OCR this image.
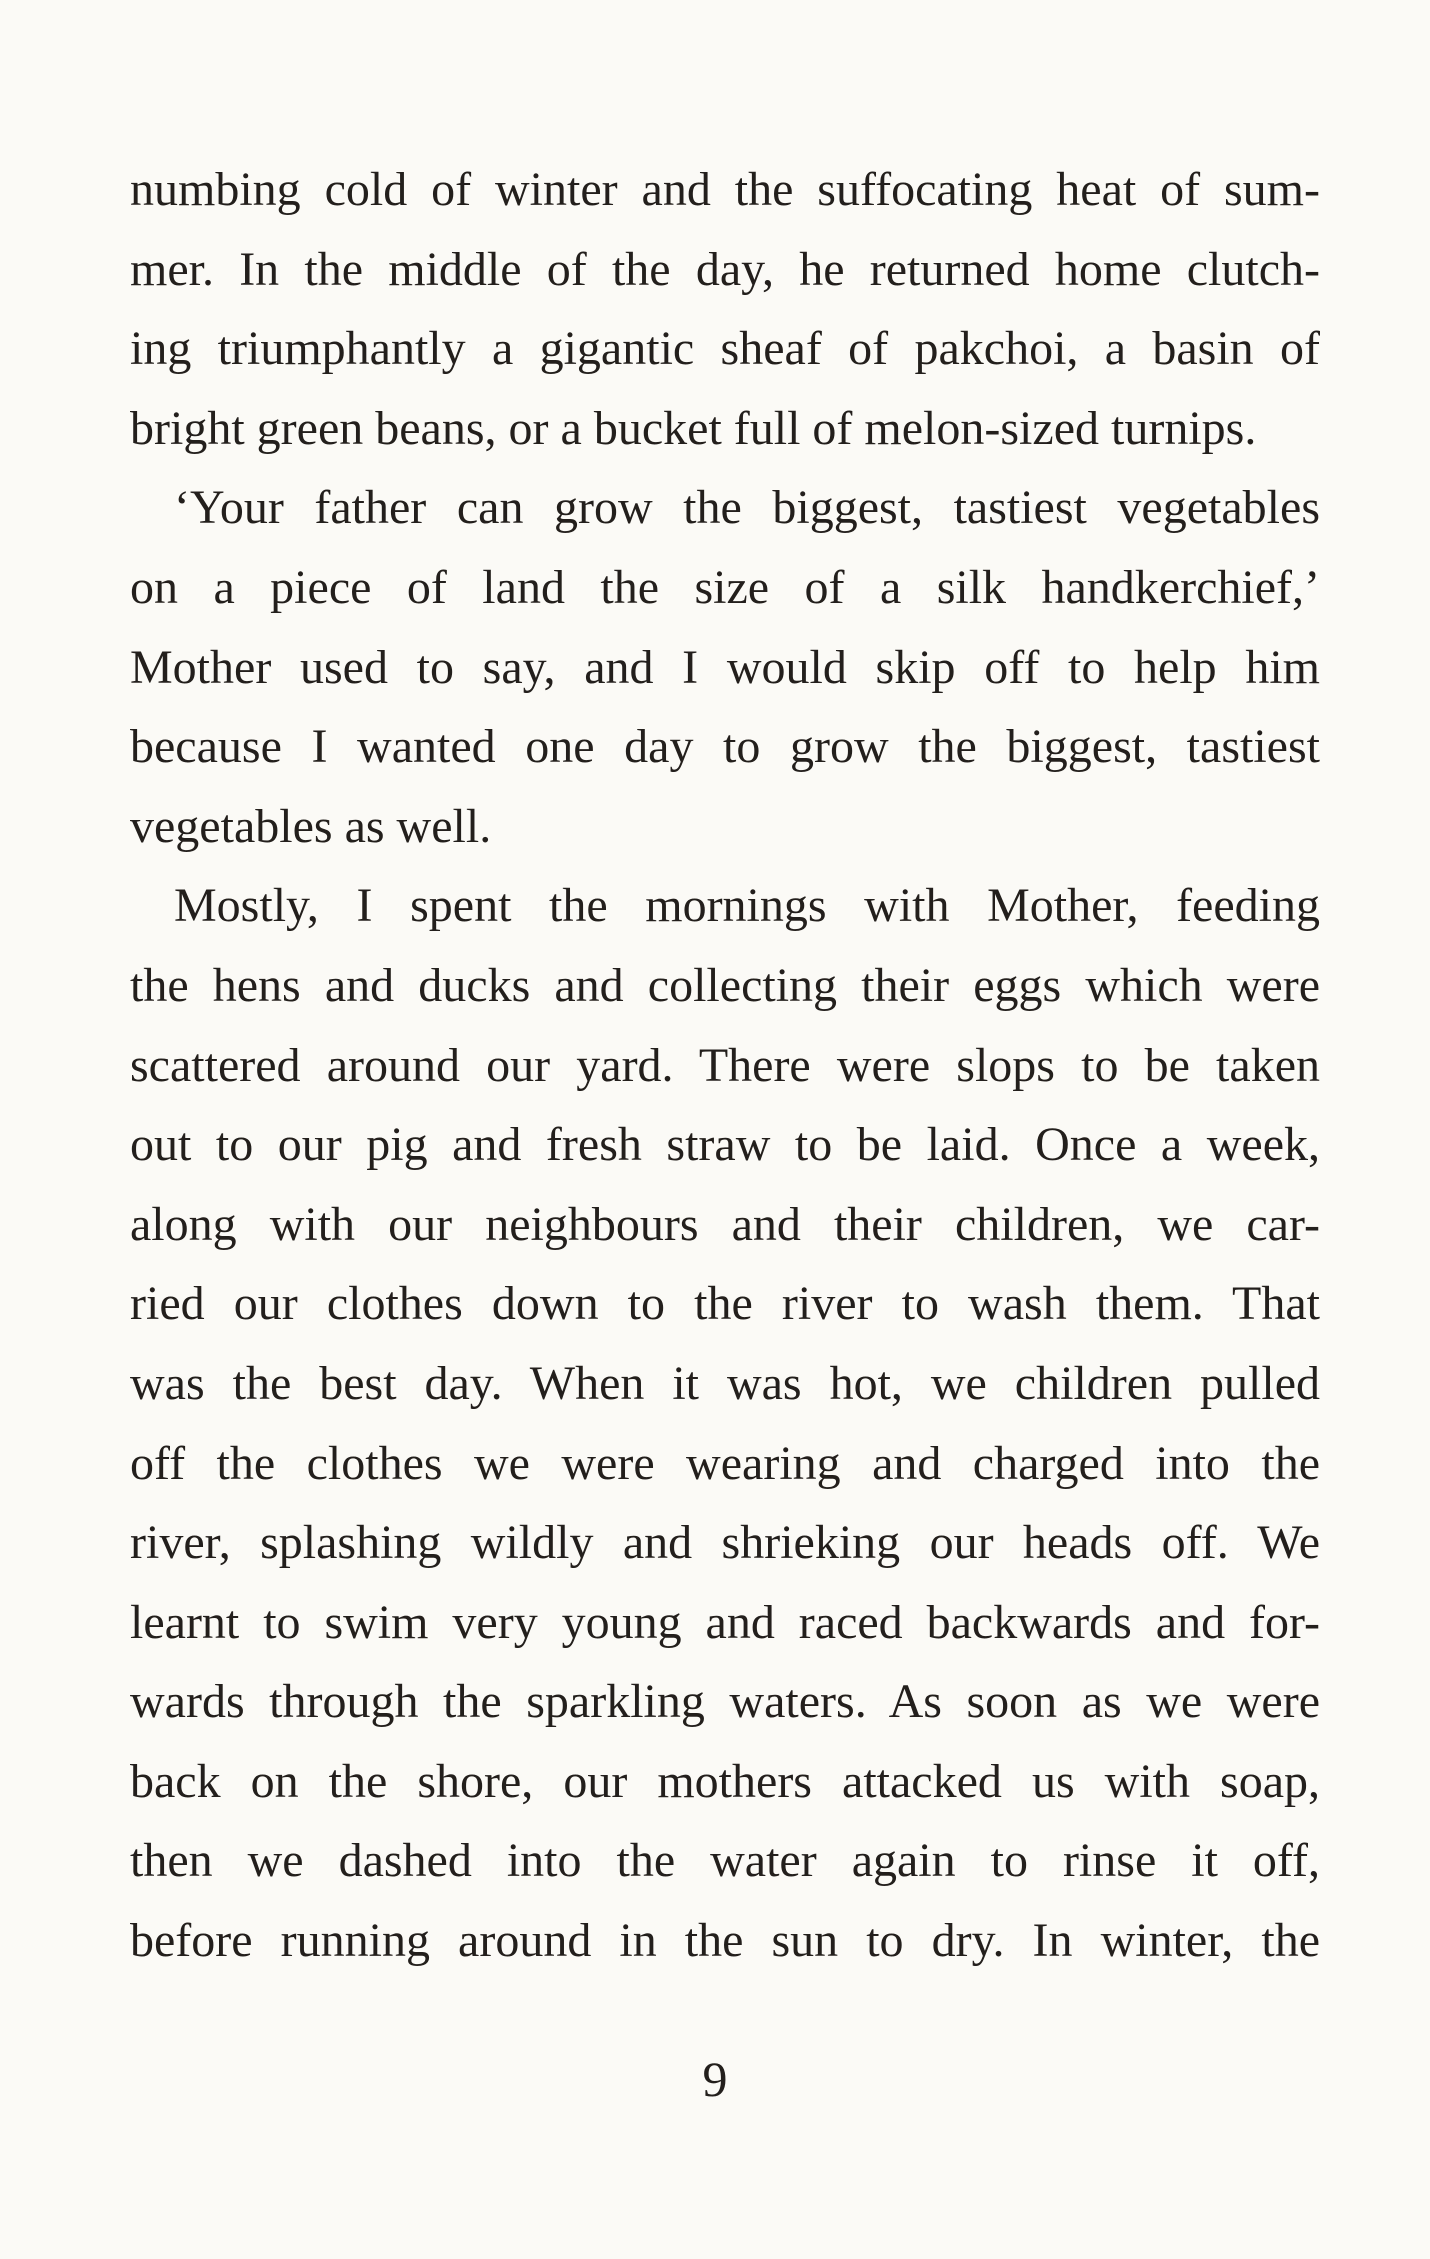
numbing cold of winter and the suffocating heat of sum-
mer. In the middle of the day, he returned home clutch-
ing triumphantly a gigantic sheaf of pakchoi, a basin of
bright green beans, or a bucket full of melon-sized turnips.
‘Your father can grow the biggest, tastiest vegetables
on a piece of land the size of a silk handkerchief,’
Mother used to say, and I would skip off to help him
because I wanted one day to grow the biggest, tastiest
vegetables as well.
Mostly, I spent the mornings with Mother, feeding
the hens and ducks and collecting their eggs which were
scattered around our yard. There were slops to be taken
out to our pig and fresh straw to be laid. Once a week,
along with our neighbours and their children, we car-
ried our clothes down to the river to wash them. That
was the best day. When it was hot, we children pulled
off the clothes we were wearing and charged into the
river, splashing wildly and shrieking our heads off. We
learnt to swim very young and raced backwards and for-
wards through the sparkling waters. As soon as we were
back on the shore, our mothers attacked us with soap,
then we dashed into the water again to rinse it off,
before running around in the sun to dry. In winter, the
9
